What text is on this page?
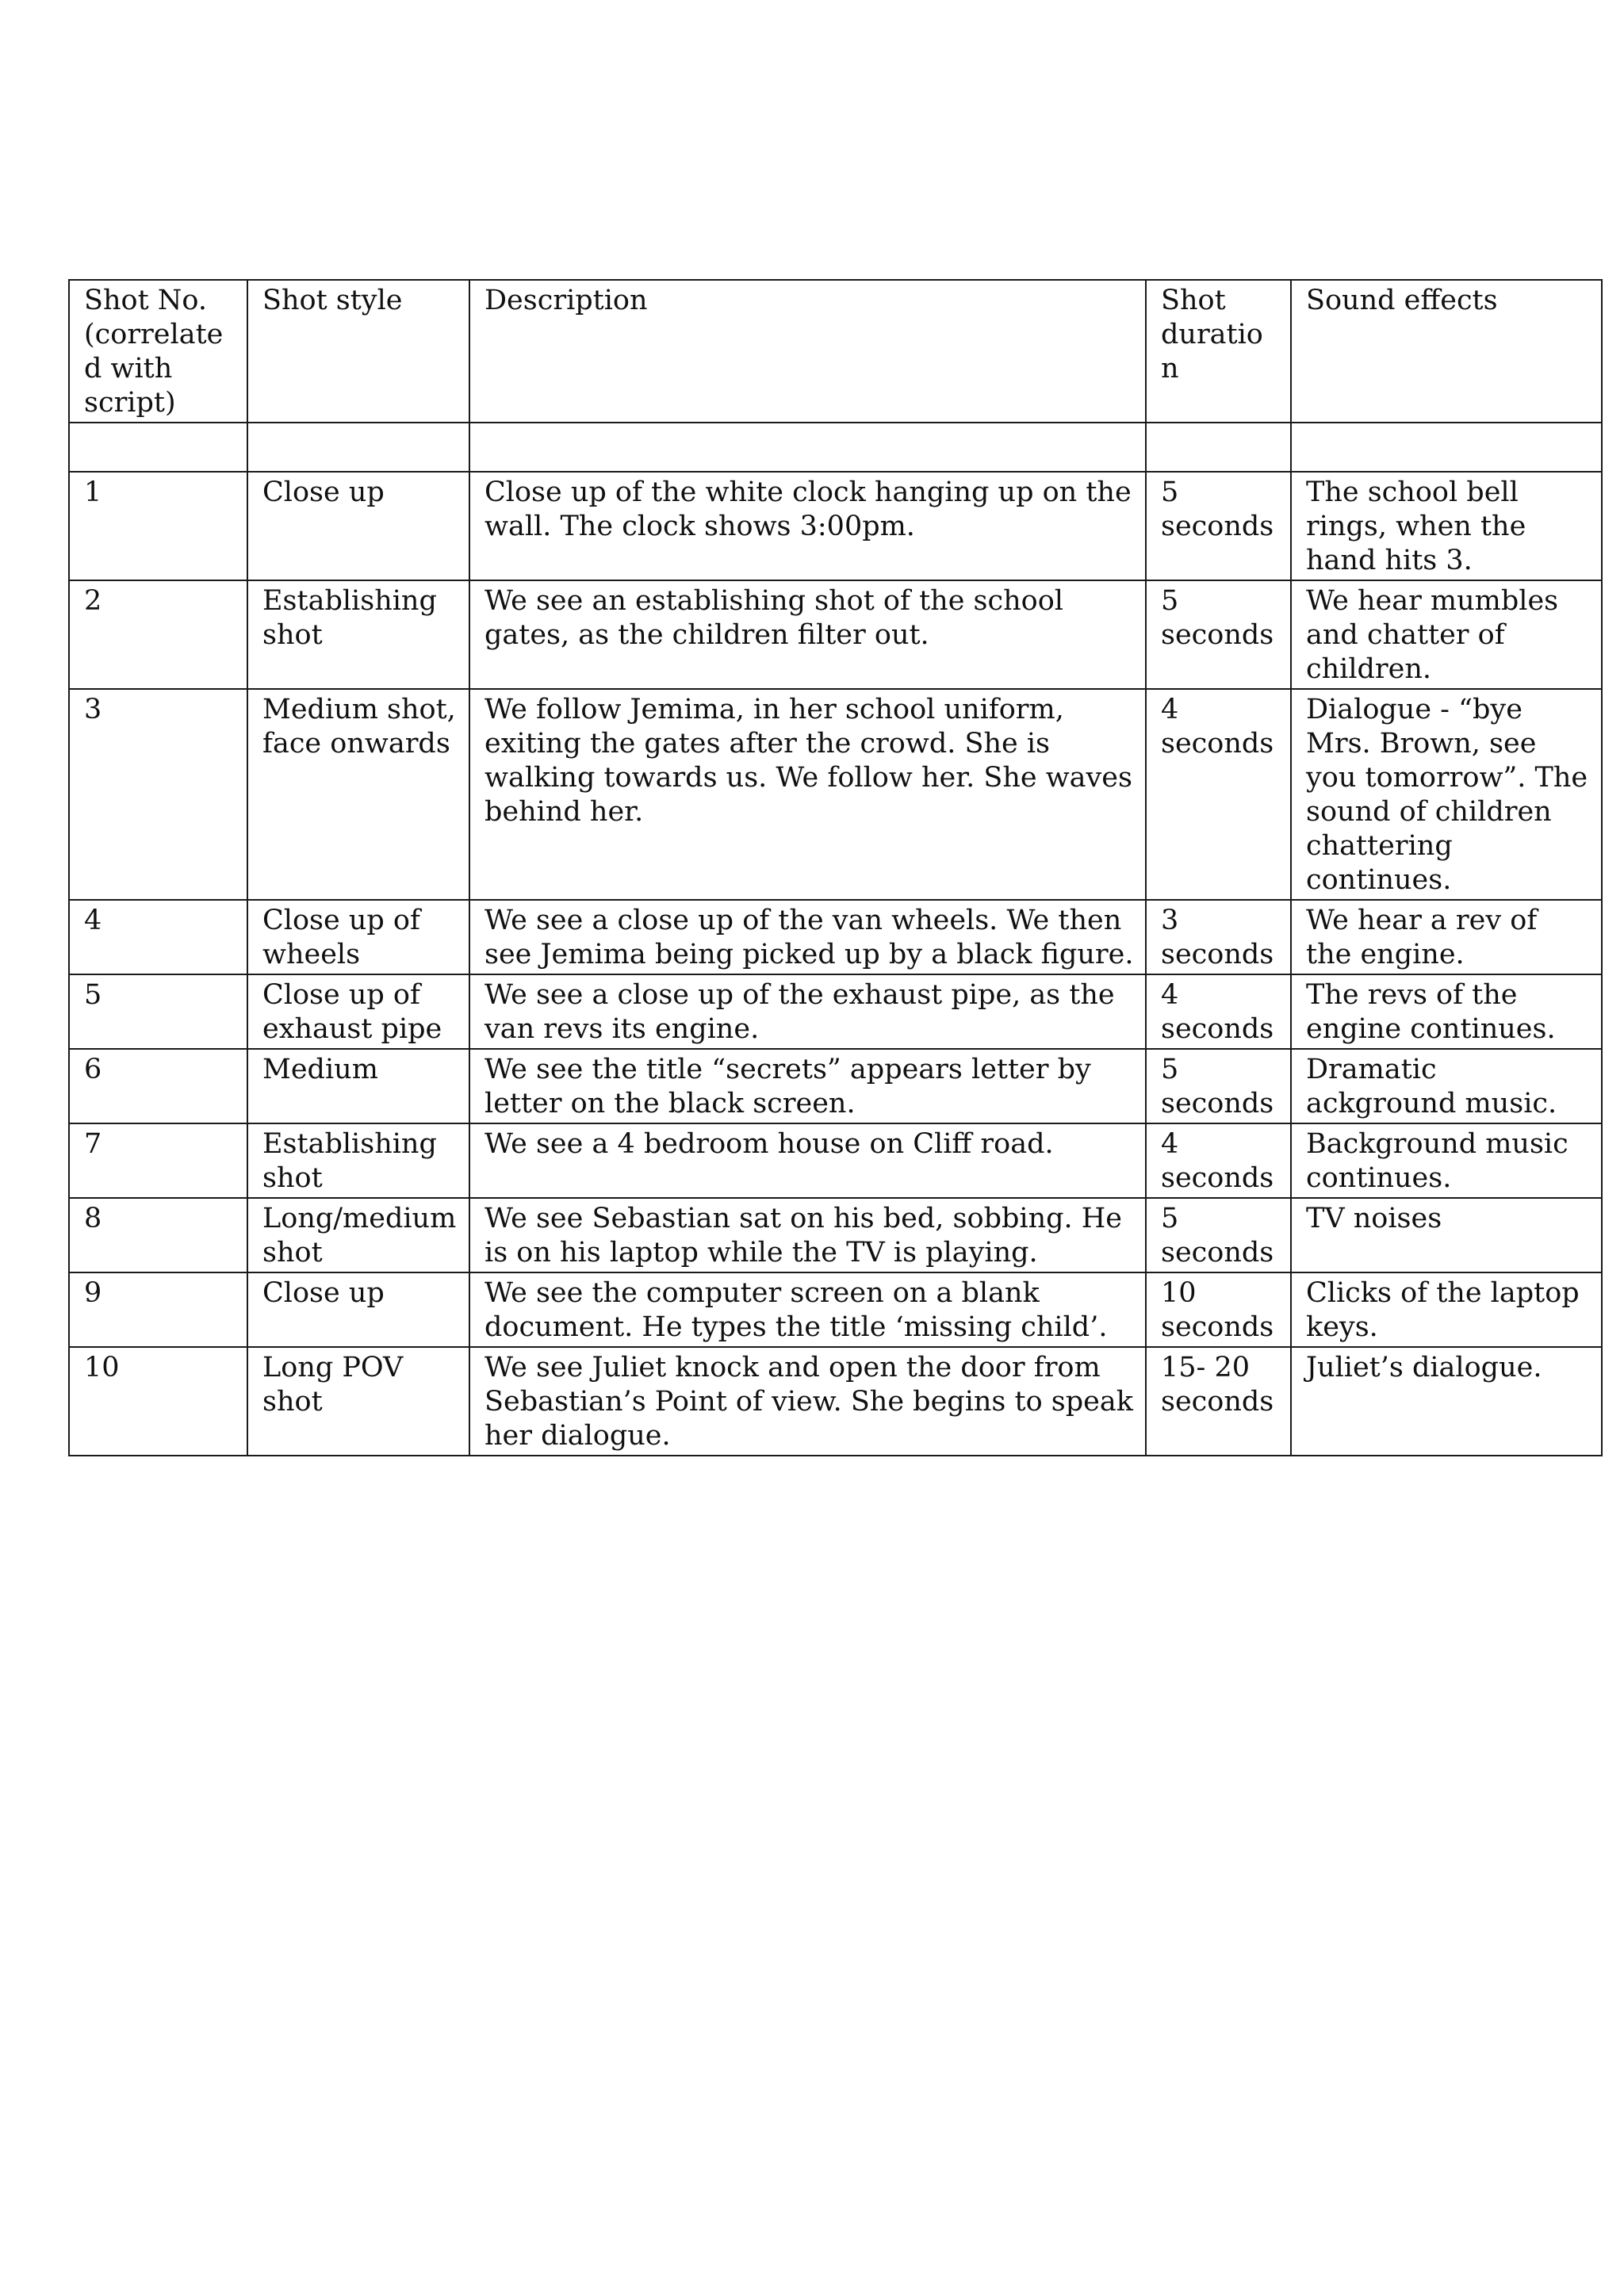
Shot No. (correlated with script)	Shot style	Description	Shot duration	Sound effects

1	Close up	Close up of the white clock hanging up on the wall. The clock shows 3:00pm.	5 seconds	The school bell rings, when the hand hits 3.
2	Establishing shot	We see an establishing shot of the school gates, as the children filter out.	5 seconds	We hear mumbles and chatter of children.
3	Medium shot, face onwards	We follow Jemima, in her school uniform, exiting the gates after the crowd. She is walking towards us. We follow her. She waves behind her.	4 seconds	Dialogue - “bye Mrs. Brown, see you tomorrow”. The sound of children chattering continues.
4	Close up of wheels	We see a close up of the van wheels. We then see Jemima being picked up by a black figure.	3 seconds	We hear a rev of the engine.
5	Close up of exhaust pipe	We see a close up of the exhaust pipe, as the van revs its engine.	4 seconds	The revs of the engine continues.
6	Medium	We see the title “secrets” appears letter by letter on the black screen.	5 seconds	Dramatic ackground music.
7	Establishing shot	We see a 4 bedroom house on Cliff road.	4 seconds	Background music continues.
8	Long/medium shot	We see Sebastian sat on his bed, sobbing. He is on his laptop while the TV is playing.	5 seconds	TV noises
9	Close up	We see the computer screen on a blank document. He types the title ‘missing child’.	10 seconds	Clicks of the laptop keys.
10	Long POV shot	We see Juliet knock and open the door from Sebastian’s Point of view. She begins to speak her dialogue.	15- 20 seconds	Juliet’s dialogue.
